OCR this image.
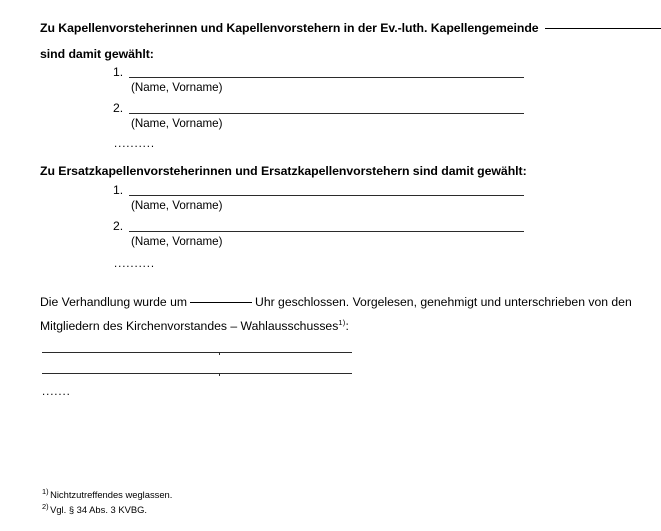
Zu Kapellenvorsteherinnen und Kapellenvorstehern in der Ev.-luth. Kapellengemeinde
sind damit gewählt:
1.
(Name, Vorname)
2.
(Name, Vorname)
..........
Zu Ersatzkapellenvorsteherinnen und Ersatzkapellenvorstehern sind damit gewählt:
1.
(Name, Vorname)
2.
(Name, Vorname)
..........
Die Verhandlung wurde um	Uhr geschlossen. Vorgelesen, genehmigt und unterschrieben von den
Mitgliedern des Kirchenvorstandes – Wahlausschusses$^{1)}$:
.......
$^{1)}$ Nichtzutreffendes weglassen.
$^{2)}$ Vgl. § 34 Abs. 3 KVBG.
